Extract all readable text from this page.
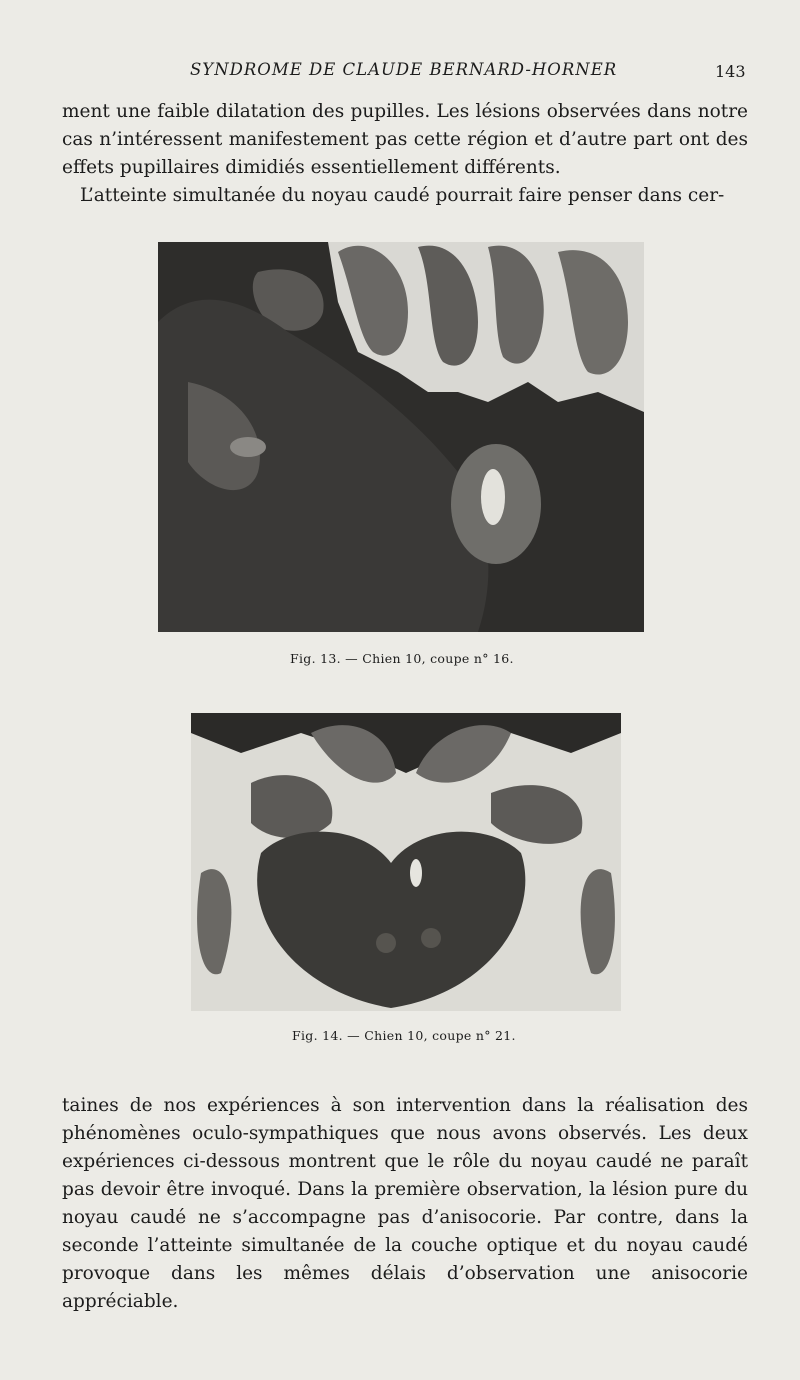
SYNDROME DE CLAUDE BERNARD-HORNER	143
ment une faible dilatation des pupilles. Les lésions observées dans notre cas n’intéressent manifestement pas cette région et d’autre part ont des effets pupillaires dimidiés essentiellement différents.
L’atteinte simultanée du noyau caudé pourrait faire penser dans cer-
Fig. 13. — Chien 10, coupe n° 16.
Fig. 14. — Chien 10, coupe n° 21.
taines de nos expériences à son intervention dans la réalisation des phénomènes oculo-sympathiques que nous avons observés. Les deux expériences ci-dessous montrent que le rôle du noyau caudé ne paraît pas devoir être invoqué. Dans la première observation, la lésion pure du noyau caudé ne s’accompagne pas d’anisocorie. Par contre, dans la seconde l’atteinte simultanée de la couche optique et du noyau caudé provoque dans les mêmes délais d’observation une anisocorie appréciable.
